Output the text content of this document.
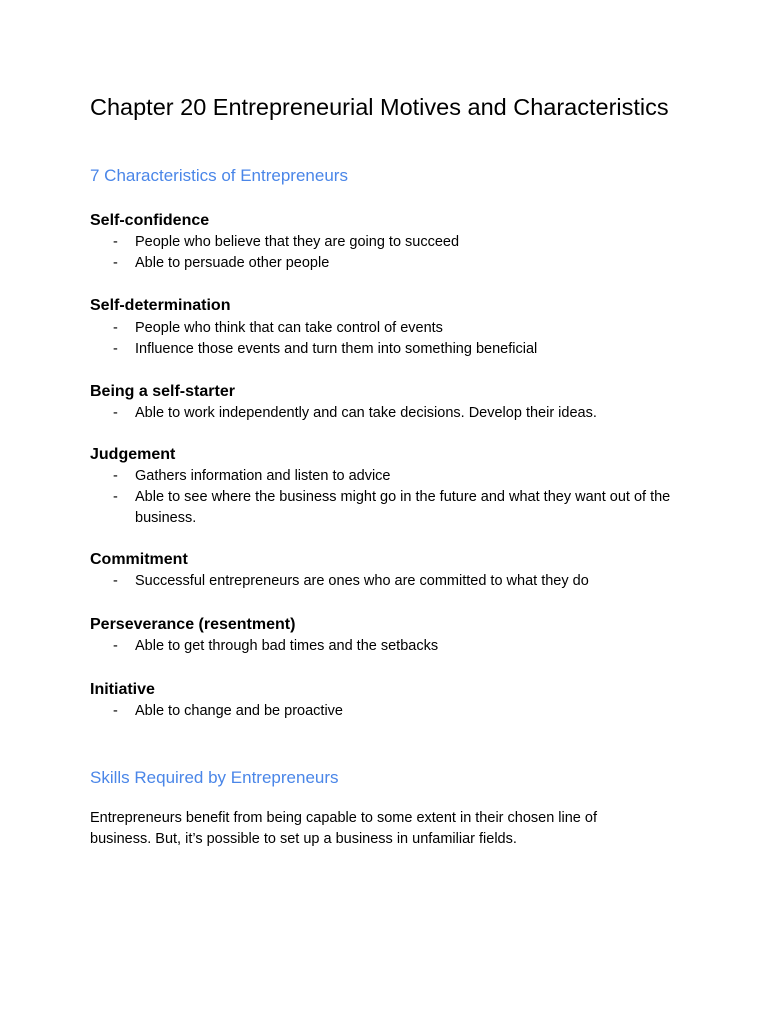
Chapter 20 Entrepreneurial Motives and Characteristics
7 Characteristics of Entrepreneurs
Self-confidence
- People who believe that they are going to succeed
- Able to persuade other people
Self-determination
- People who think that can take control of events
- Influence those events and turn them into something beneficial
Being a self-starter
- Able to work independently and can take decisions. Develop their ideas.
Judgement
- Gathers information and listen to advice
- Able to see where the business might go in the future and what they want out of the business.
Commitment
- Successful entrepreneurs are ones who are committed to what they do
Perseverance (resentment)
- Able to get through bad times and the setbacks
Initiative
- Able to change and be proactive
Skills Required by Entrepreneurs

Entrepreneurs benefit from being capable to some extent in their chosen line of business. But, it’s possible to set up a business in unfamiliar fields.
